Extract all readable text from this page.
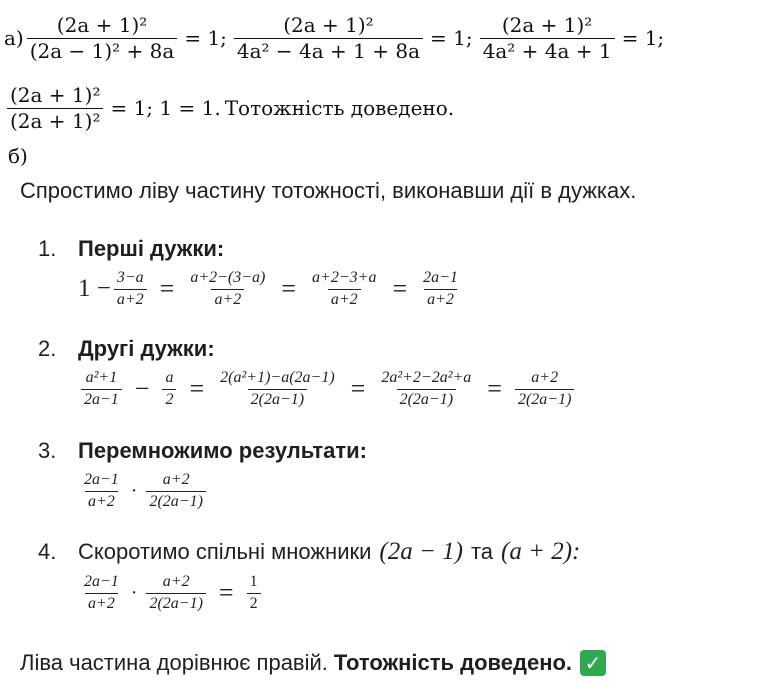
$а) \frac{\text{(2a + 1)²}}{\text{(2a − 1)² + 8a}} = 1$; $\frac{\text{(2a + 1)²}}{\text{4a² − 4a + 1 + 8a}} = 1$; $\frac{\text{(2a + 1)²}}{\text{4a² + 4a + 1}} = 1$;
$\frac{\text{(2a + 1)²}}{\text{(2a + 1)²}} = 1$; 1 = 1. Тотожність доведено.
б)
Спростимо ліву частину тотожності, виконавши дії в дужках.
1. Перші дужки:
$1 - \frac{3-a}{a+2} = \frac{a+2-(3-a)}{a+2} = \frac{a+2-3+a}{a+2} = \frac{2a-1}{a+2}$
2. Другі дужки:
$\frac{\text{a²+1}}{2a-1} - \frac{a}{2} = \frac{\text{2(a²+1)−a(2a−1)}}{2(2a-1)} = \frac{\text{2a²+2−2a²+a}}{2(2a-1)} = \frac{a+2}{2(2a-1)}$
3. Перемножимо результати:
$\frac{2a-1}{a+2} \cdot \frac{a+2}{2(2a-1)}$
4. Скоротимо спільні множники (2a − 1) та (a + 2):
$\frac{2a-1}{a+2} \cdot \frac{a+2}{2(2a-1)} = \frac{1}{2}$
Ліва частина дорівнює правій. Тотожність доведено. ✓
